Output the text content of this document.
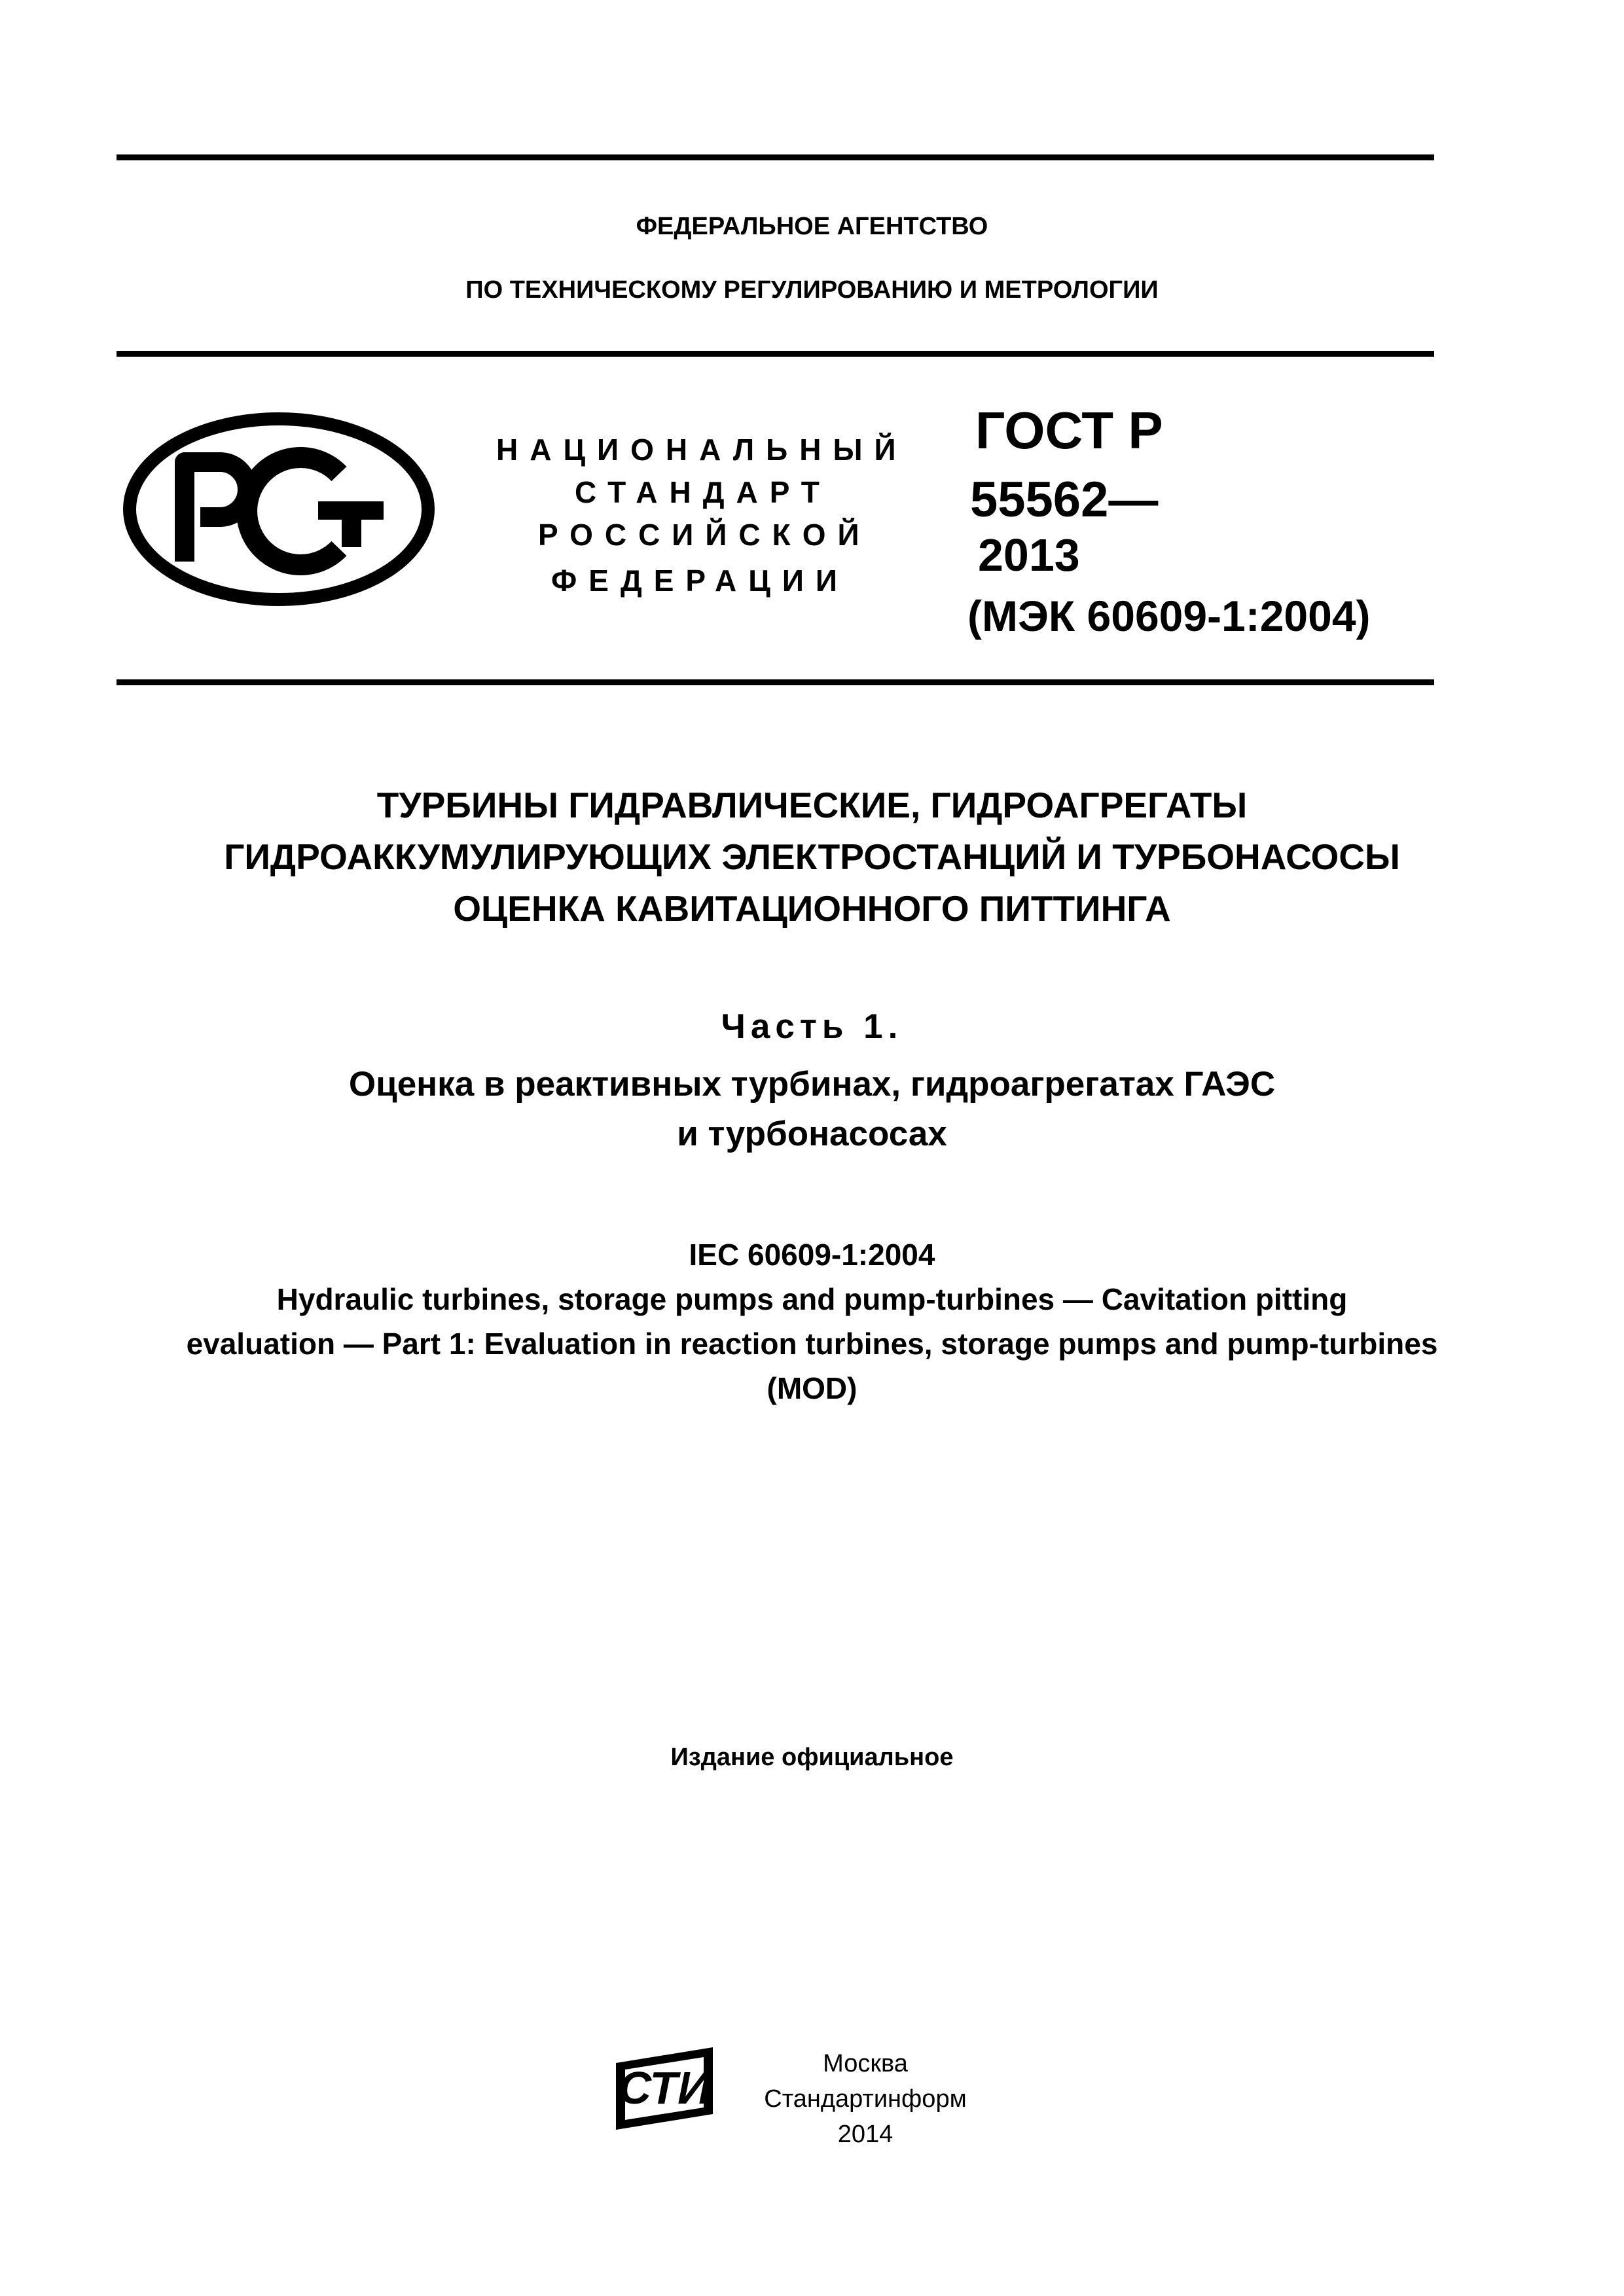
ФЕДЕРАЛЬНОЕ АГЕНТСТВО
ПО ТЕХНИЧЕСКОМУ РЕГУЛИРОВАНИЮ И МЕТРОЛОГИИ
НАЦИОНАЛЬНЫЙ
СТАНДАРТ
РОССИЙСКОЙ
ФЕДЕРАЦИИ
ГОСТ Р
55562—
2013
(МЭК 60609-1:2004)
ТУРБИНЫ ГИДРАВЛИЧЕСКИЕ, ГИДРОАГРЕГАТЫ
ГИДРОАККУМУЛИРУЮЩИХ ЭЛЕКТРОСТАНЦИЙ И ТУРБОНАСОСЫ
ОЦЕНКА КАВИТАЦИОННОГО ПИТТИНГА
Часть 1.
Оценка в реактивных турбинах, гидроагрегатах ГАЭС
и турбонасосах
IEC 60609-1:2004
Hydraulic turbines, storage pumps and pump-turbines — Cavitation pitting
evaluation — Part 1: Evaluation in reaction turbines, storage pumps and pump-turbines
(MOD)
Издание официальное
СТИ	Москва
Стандартинформ
2014
